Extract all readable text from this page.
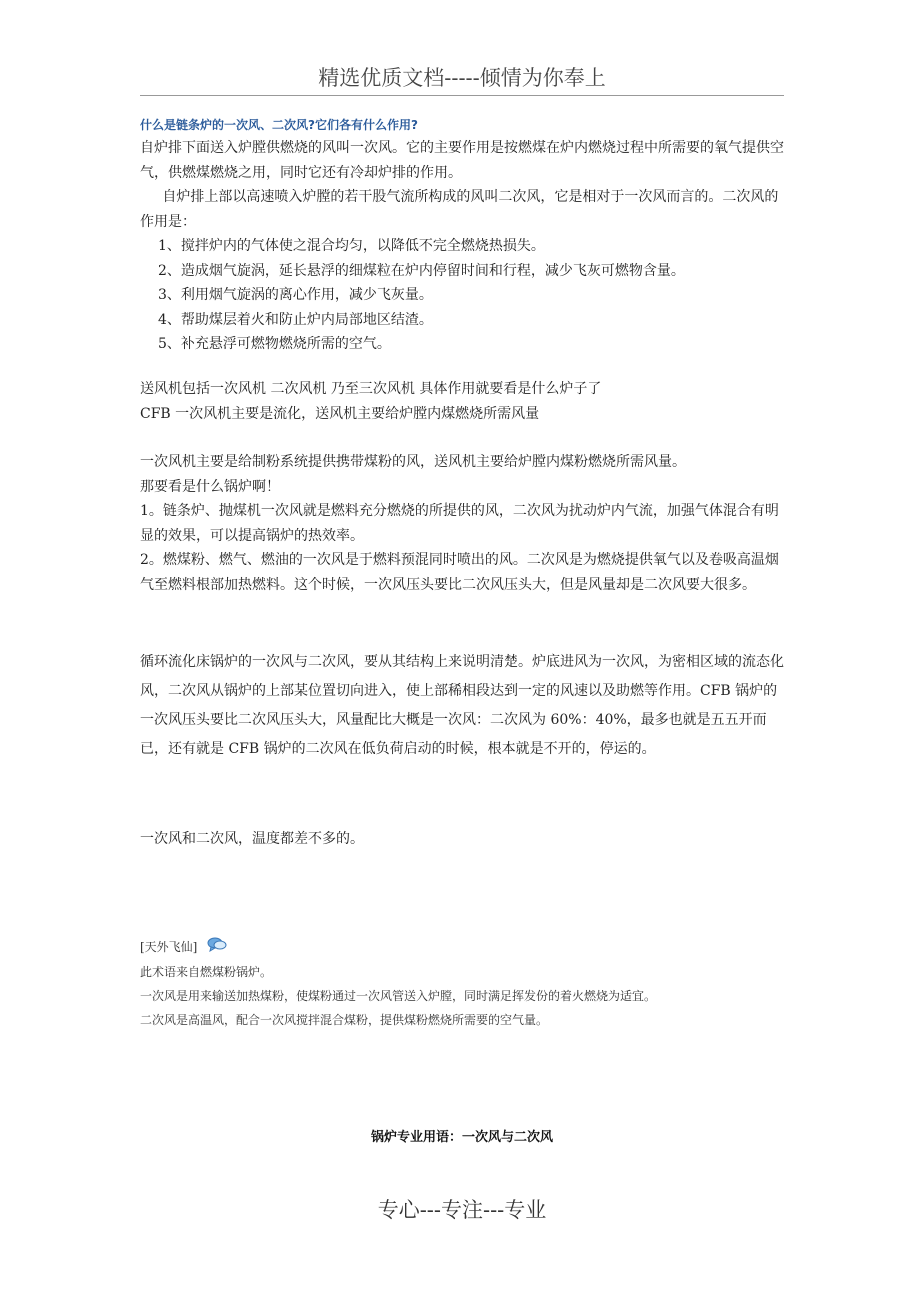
精选优质文档-----倾情为你奉上
什么是链条炉的一次风、二次风?它们各有什么作用?

自炉排下面送入炉膛供燃烧的风叫一次风。它的主要作用是按燃煤在炉内燃烧过程中所需要的氧气提供空气，供燃煤燃烧之用，同时它还有冷却炉排的作用。

自炉排上部以高速喷入炉膛的若干股气流所构成的风叫二次风，它是相对于一次风而言的。二次风的作用是：

1、搅拌炉内的气体使之混合均匀，以降低不完全燃烧热损失。

2、造成烟气旋涡，延长悬浮的细煤粒在炉内停留时间和行程，减少飞灰可燃物含量。

3、利用烟气旋涡的离心作用，减少飞灰量。

4、帮助煤层着火和防止炉内局部地区结渣。

5、补充悬浮可燃物燃烧所需的空气。

送风机包括一次风机 二次风机 乃至三次风机 具体作用就要看是什么炉子了

CFB 一次风机主要是流化，送风机主要给炉膛内煤燃烧所需风量

一次风机主要是给制粉系统提供携带煤粉的风，送风机主要给炉膛内煤粉燃烧所需风量。

那要看是什么锅炉啊！

1。链条炉、抛煤机一次风就是燃料充分燃烧的所提供的风，二次风为扰动炉内气流，加强气体混合有明显的效果，可以提高锅炉的热效率。

2。燃煤粉、燃气、燃油的一次风是于燃料预混同时喷出的风。二次风是为燃烧提供氧气以及卷吸高温烟气至燃料根部加热燃料。这个时候，一次风压头要比二次风压头大，但是风量却是二次风要大很多。

循环流化床锅炉的一次风与二次风，要从其结构上来说明清楚。炉底进风为一次风，为密相区域的流态化风，二次风从锅炉的上部某位置切向进入，使上部稀相段达到一定的风速以及助燃等作用。CFB 锅炉的一次风压头要比二次风压头大，风量配比大概是一次风：二次风为 60%：40%，最多也就是五五开而已，还有就是 CFB 锅炉的二次风在低负荷启动的时候，根本就是不开的，停运的。

一次风和二次风，温度都差不多的。

[天外飞仙]

此术语来自燃煤粉锅炉。

一次风是用来输送加热煤粉，使煤粉通过一次风管送入炉膛，同时满足挥发份的着火燃烧为适宜。

二次风是高温风，配合一次风搅拌混合煤粉，提供煤粉燃烧所需要的空气量。

锅炉专业用语：一次风与二次风
专心---专注---专业
